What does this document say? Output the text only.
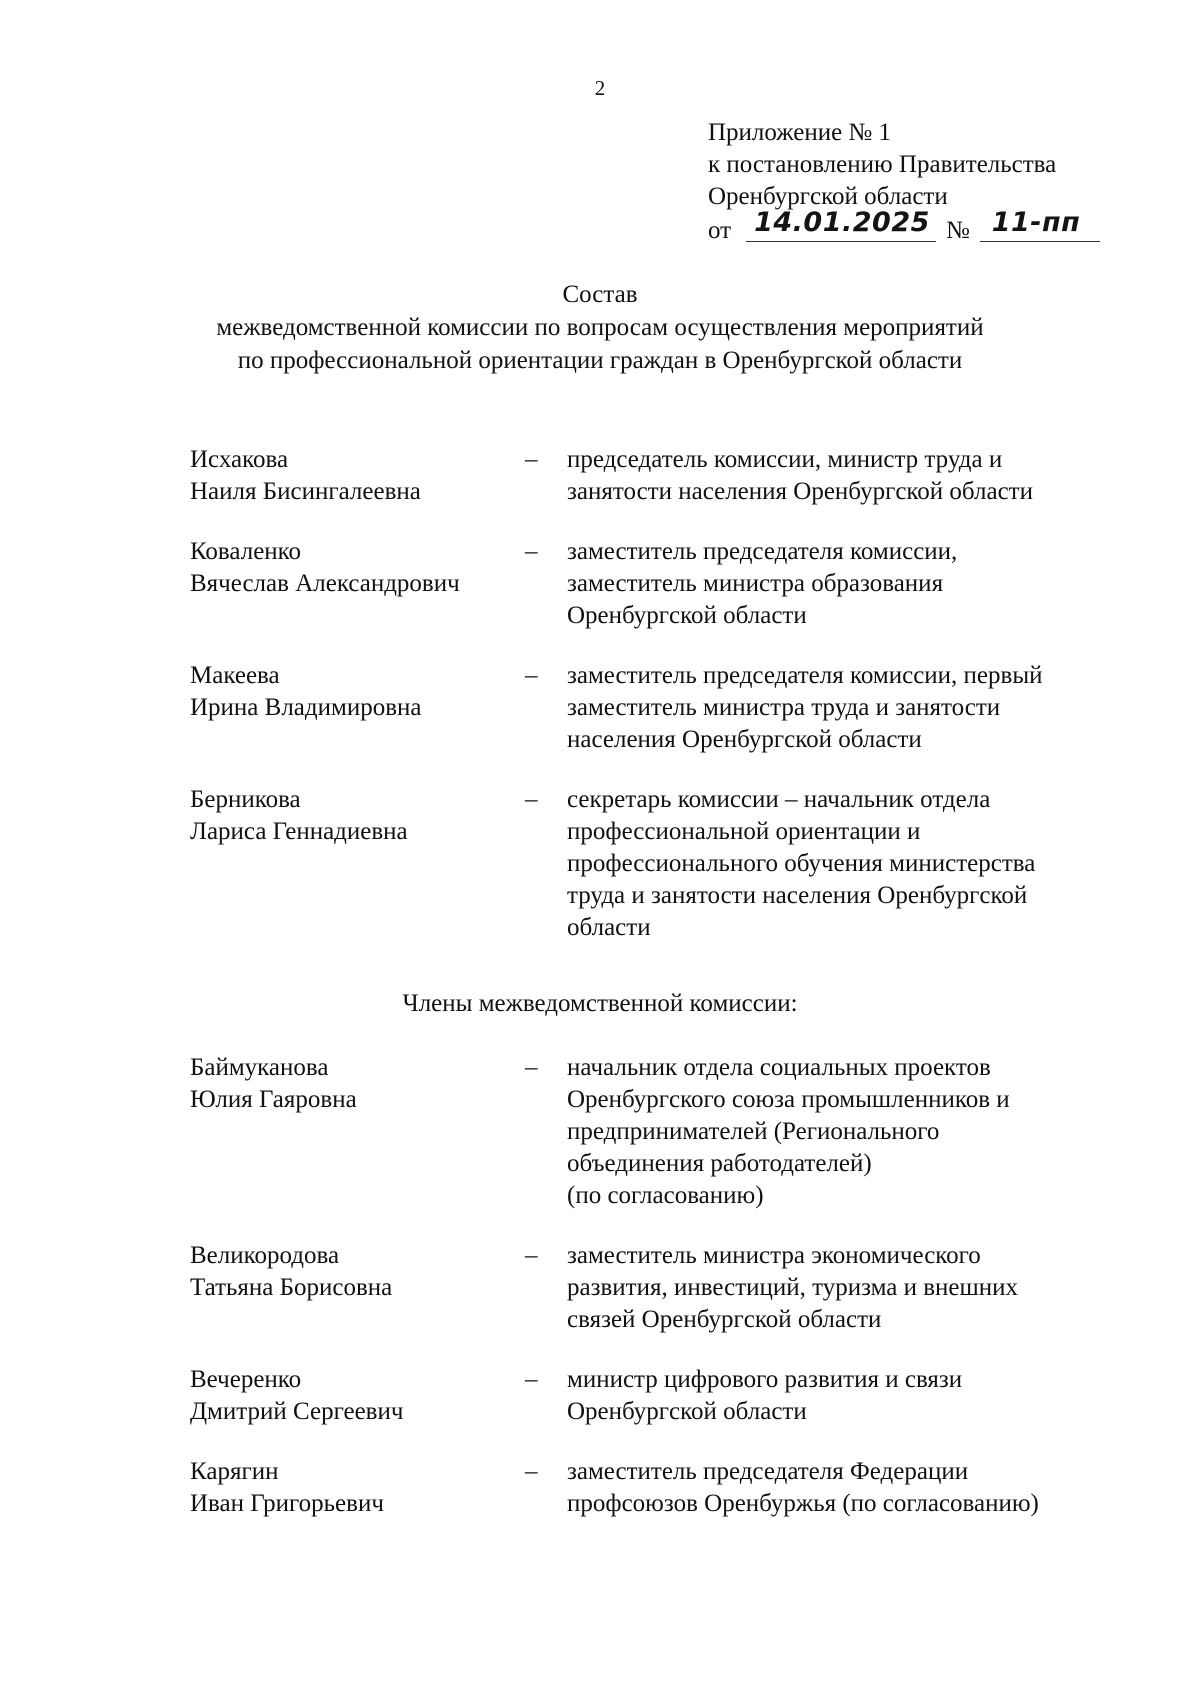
2
Приложение № 1
к постановлению Правительства
Оренбургской области
от 14.01.2025 № 11-пп
Состав
межведомственной комиссии по вопросам осуществления мероприятий
по профессиональной ориентации граждан в Оренбургской области
Исхакова
Наиля Бисингалеевна
–	председатель комиссии, министр труда и
занятости населения Оренбургской области
Коваленко
Вячеслав Александрович
–	заместитель председателя комиссии,
заместитель министра образования
Оренбургской области
Макеева
Ирина Владимировна
–	заместитель председателя комиссии, первый
заместитель министра труда и занятости
населения Оренбургской области
Берникова
Лариса Геннадиевна
–	секретарь комиссии – начальник отдела
профессиональной ориентации и
профессионального обучения министерства
труда и занятости населения Оренбургской
области
Члены межведомственной комиссии:
Баймуканова
Юлия Гаяровна
–	начальник отдела социальных проектов
Оренбургского союза промышленников и
предпринимателей (Регионального
объединения работодателей)
(по согласованию)
Великородова
Татьяна Борисовна
–	заместитель министра экономического
развития, инвестиций, туризма и внешних
связей Оренбургской области
Вечеренко
Дмитрий Сергеевич
–	министр цифрового развития и связи
Оренбургской области
Карягин
Иван Григорьевич
–	заместитель председателя Федерации
профсоюзов Оренбуржья (по согласованию)
